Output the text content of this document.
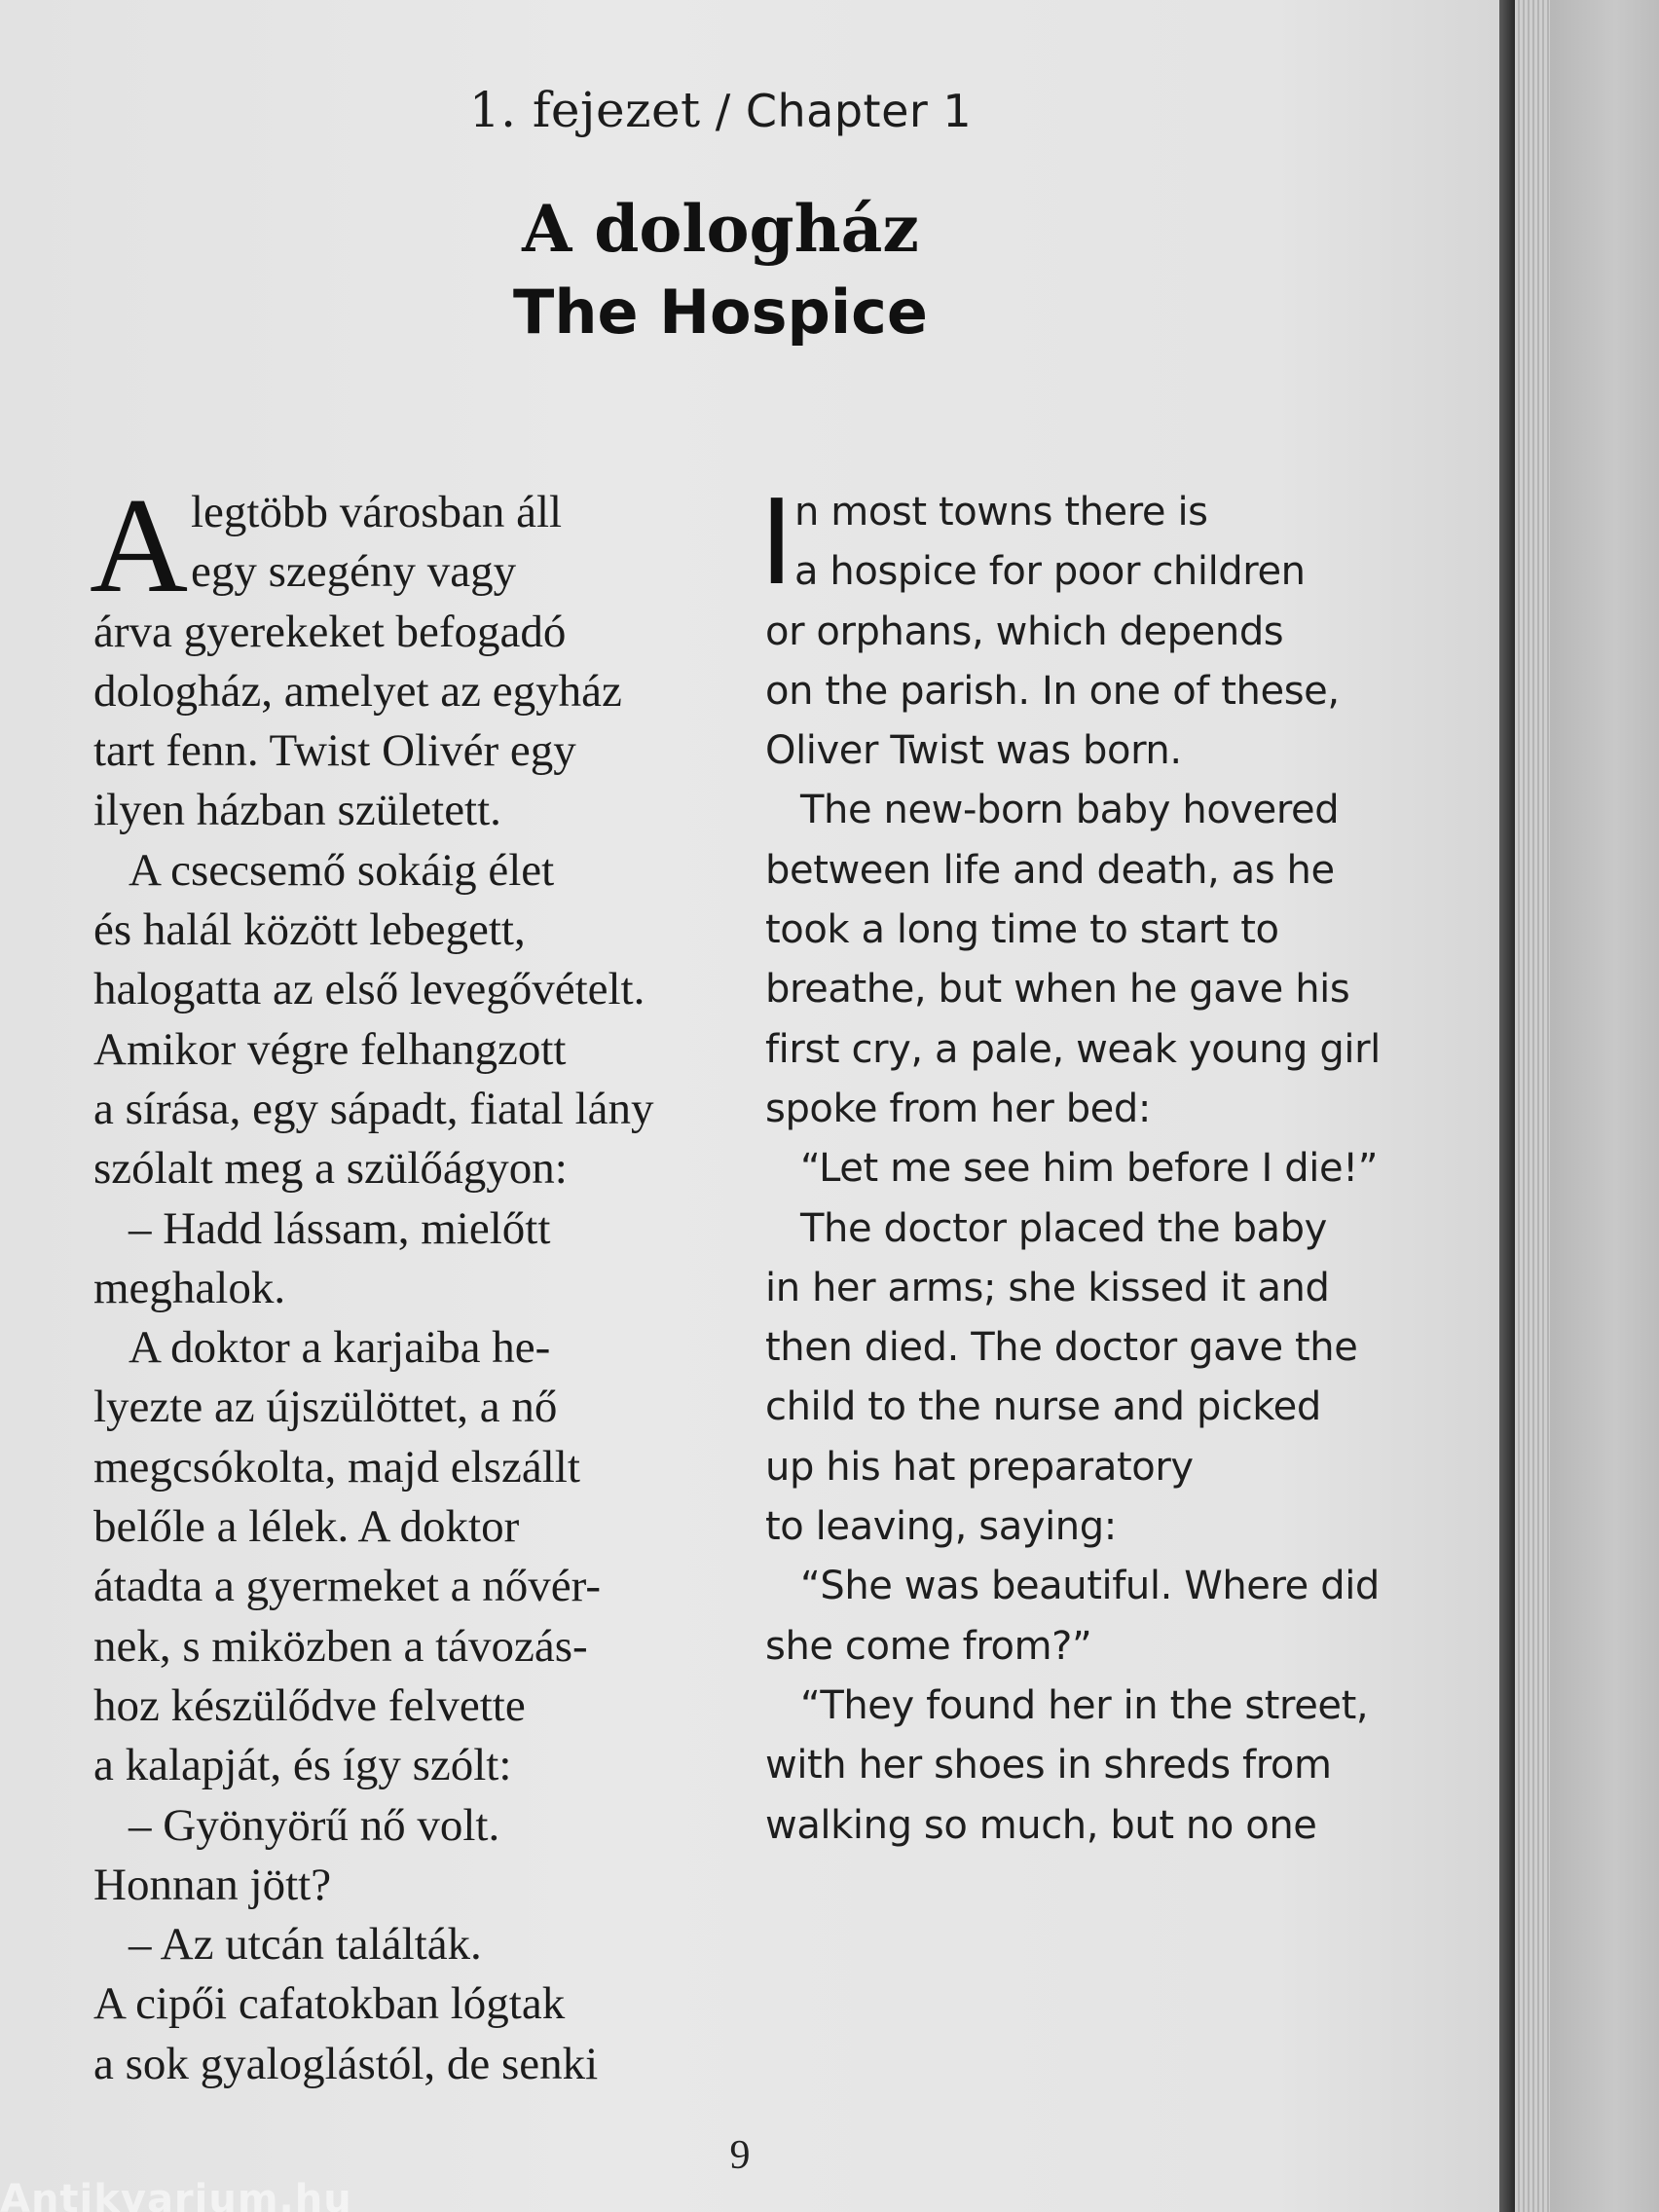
1. fejezet / Chapter 1
A dologház
The Hospice
A legtöbb városban áll
egy szegény vagy
árva gyerekeket befogadó
dologház, amelyet az egyház
tart fenn. Twist Olivér egy
ilyen házban született.
A csecsemő sokáig élet
és halál között lebegett,
halogatta az első levegővételt.
Amikor végre felhangzott
a sírása, egy sápadt, fiatal lány
szólalt meg a szülőágyon:
– Hadd lássam, mielőtt
meghalok.
A doktor a karjaiba he-
lyezte az újszülöttet, a nő
megcsókolta, majd elszállt
belőle a lélek. A doktor
átadta a gyermeket a nővér-
nek, s miközben a távozás-
hoz készülődve felvette
a kalapját, és így szólt:
– Gyönyörű nő volt.
Honnan jött?
– Az utcán találták.
A cipői cafatokban lógtak
a sok gyaloglástól, de senki
I n most towns there is
a hospice for poor children
or orphans, which depends
on the parish. In one of these,
Oliver Twist was born.
The new-born baby hovered
between life and death, as he
took a long time to start to
breathe, but when he gave his
first cry, a pale, weak young girl
spoke from her bed:
“Let me see him before I die!”
The doctor placed the baby
in her arms; she kissed it and
then died. The doctor gave the
child to the nurse and picked
up his hat preparatory
to leaving, saying:
“She was beautiful. Where did
she come from?”
“They found her in the street,
with her shoes in shreds from
walking so much, but no one
9
Antikvarium.hu
